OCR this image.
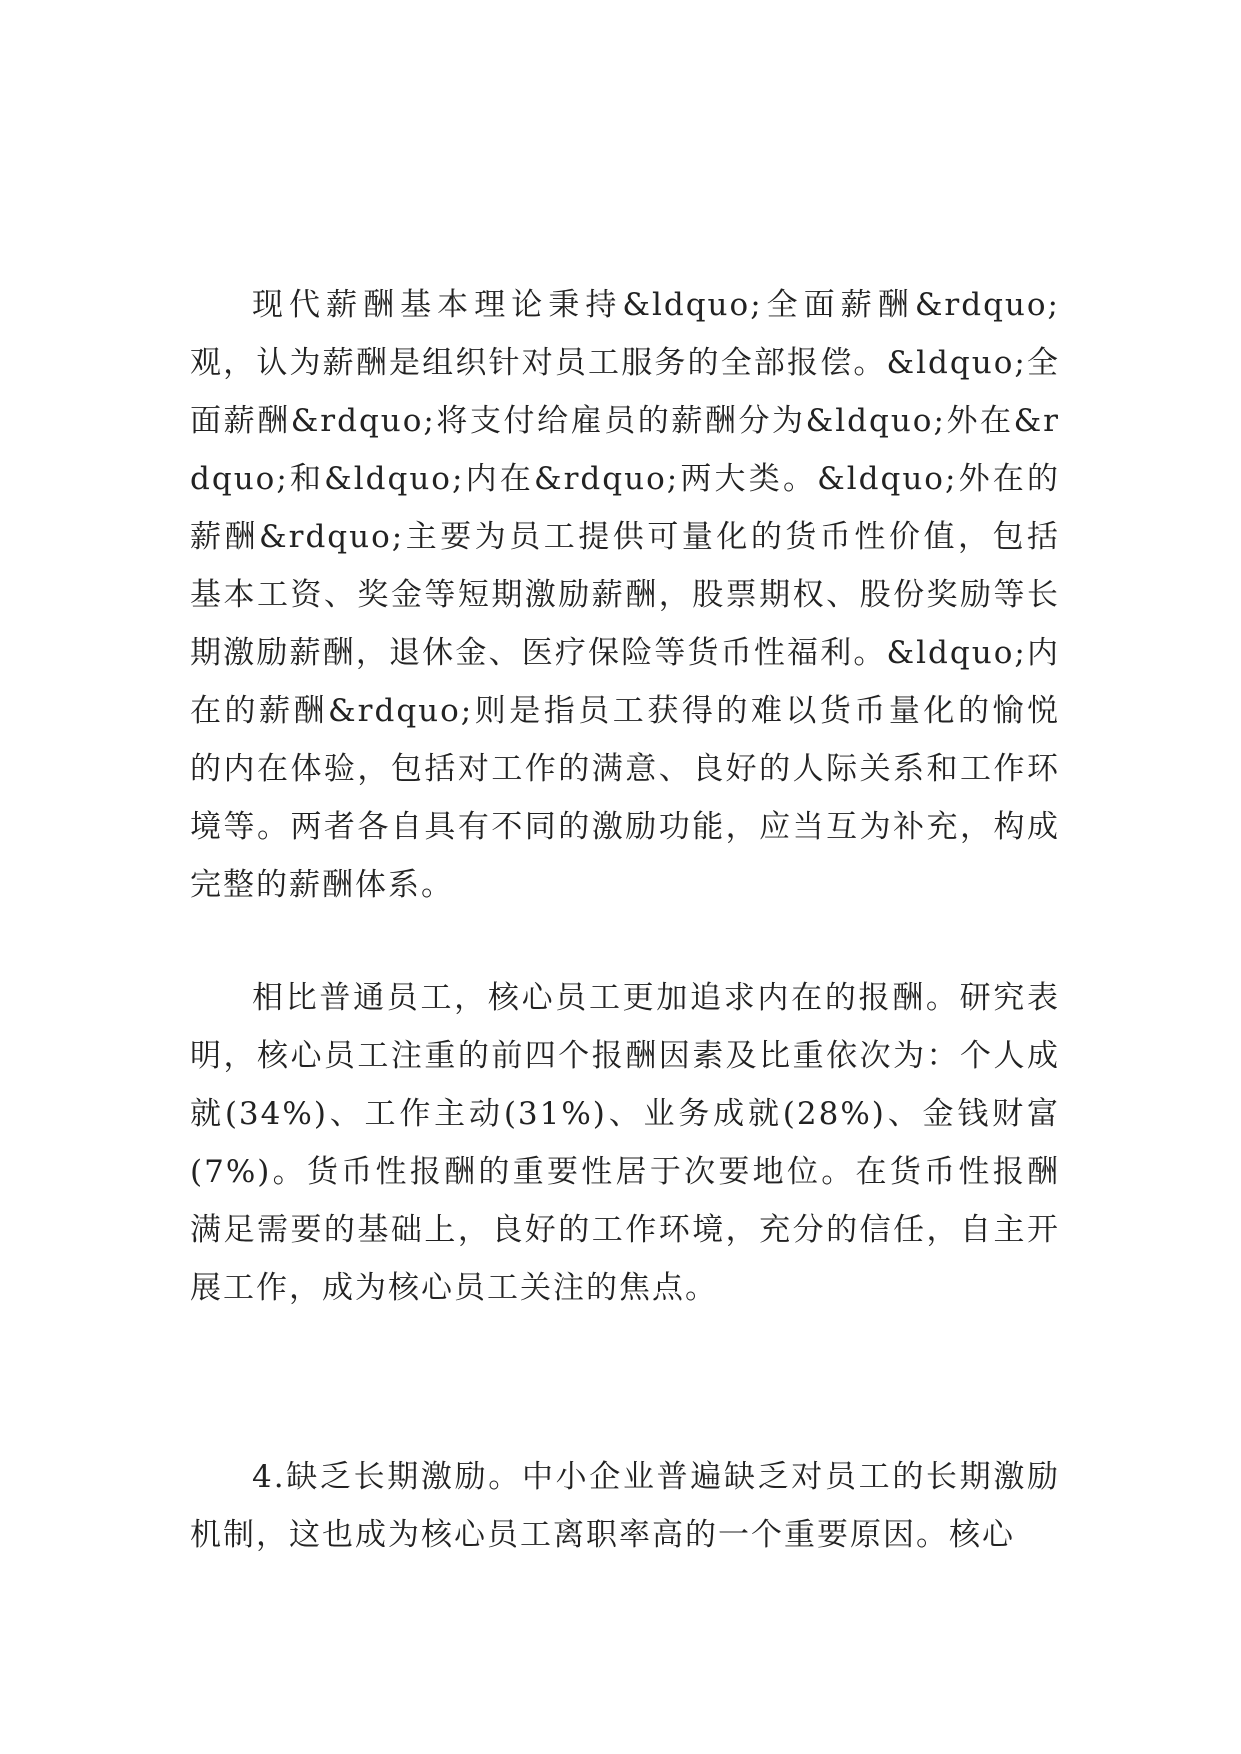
现代薪酬基本理论秉持&ldquo;全面薪酬&rdquo;观，认为薪酬是组织针对员工服务的全部报偿。&ldquo;全面薪酬&rdquo;将支付给雇员的薪酬分为&ldquo;外在&rdquo;和&ldquo;内在&rdquo;两大类。&ldquo;外在的薪酬&rdquo;主要为员工提供可量化的货币性价值，包括基本工资、奖金等短期激励薪酬，股票期权、股份奖励等长期激励薪酬，退休金、医疗保险等货币性福利。&ldquo;内在的薪酬&rdquo;则是指员工获得的难以货币量化的愉悦的内在体验，包括对工作的满意、良好的人际关系和工作环境等。两者各自具有不同的激励功能，应当互为补充，构成完整的薪酬体系。

相比普通员工，核心员工更加追求内在的报酬。研究表明，核心员工注重的前四个报酬因素及比重依次为：个人成就(34%)、工作主动(31%)、业务成就(28%)、金钱财富(7%)。货币性报酬的重要性居于次要地位。在货币性报酬满足需要的基础上，良好的工作环境，充分的信任，自主开展工作，成为核心员工关注的焦点。

4.缺乏长期激励。中小企业普遍缺乏对员工的长期激励机制，这也成为核心员工离职率高的一个重要原因。核心
